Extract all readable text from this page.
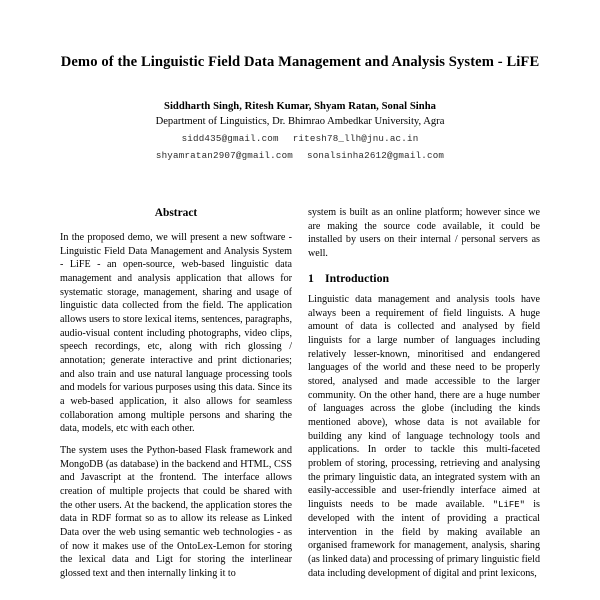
Demo of the Linguistic Field Data Management and Analysis System - LiFE
Siddharth Singh, Ritesh Kumar, Shyam Ratan, Sonal Sinha
Department of Linguistics, Dr. Bhimrao Ambedkar University, Agra
sidd435@gmail.com ritesh78_llh@jnu.ac.in
shyamratan2907@gmail.com sonalsinha2612@gmail.com
Abstract

In the proposed demo, we will present a new software - Linguistic Field Data Management and Analysis System - LiFE - an open-source, web-based linguistic data management and analysis application that allows for systematic storage, management, sharing and usage of linguistic data collected from the field. The application allows users to store lexical items, sentences, paragraphs, audio-visual content including photographs, video clips, speech recordings, etc, along with rich glossing / annotation; generate interactive and print dictionaries; and also train and use natural language processing tools and models for various purposes using this data. Since its a web-based application, it also allows for seamless collaboration among multiple persons and sharing the data, models, etc with each other.

The system uses the Python-based Flask framework and MongoDB (as database) in the backend and HTML, CSS and Javascript at the frontend. The interface allows creation of multiple projects that could be shared with the other users. At the backend, the application stores the data in RDF format so as to allow its release as Linked Data over the web using semantic web technologies - as of now it makes use of the OntoLex-Lemon for storing the lexical data and Ligt for storing the interlinear glossed text and then internally linking it to

system is built as an online platform; however since we are making the source code available, it could be installed by users on their internal / personal servers as well.

1 Introduction

Linguistic data management and analysis tools have always been a requirement of field linguists. A huge amount of data is collected and analysed by field linguists for a large number of languages including relatively lesser-known, minoritised and endangered languages of the world and these need to be properly stored, analysed and made accessible to the larger community. On the other hand, there are a huge number of languages across the globe (including the kinds mentioned above), whose data is not available for building any kind of language technology tools and applications. In order to tackle this multi-faceted problem of storing, processing, retrieving and analysing the primary linguistic data, an integrated system with an easily-accessible and user-friendly interface aimed at linguists needs to be made available. "LiFE" is developed with the intent of providing a practical intervention in the field by making available an organised framework for management, analysis, sharing (as linked data) and processing of primary linguistic field data including development of digital and print lexicons,
